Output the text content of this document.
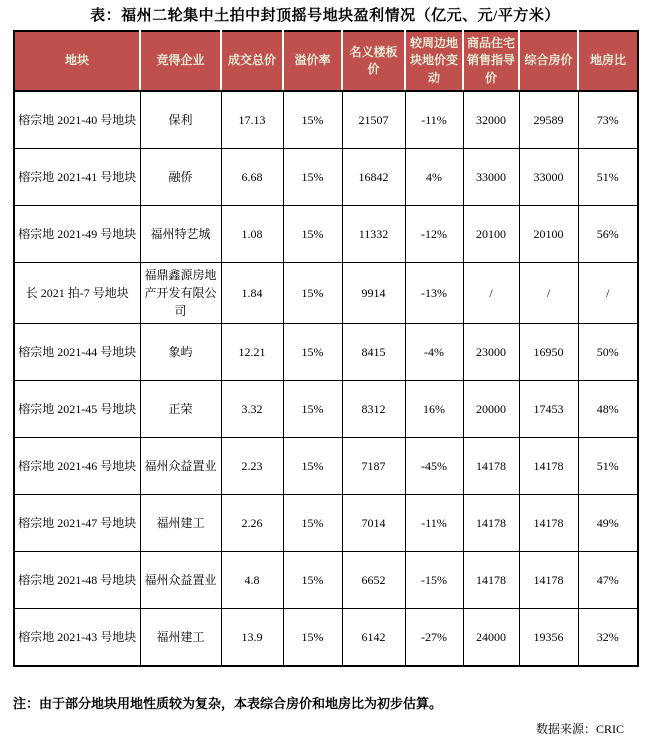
表：福州二轮集中土拍中封顶摇号地块盈利情况（亿元、元/平方米）
地块	竞得企业	成交总价	溢价率	名义楼板价	较周边地块地价变动	商品住宅销售指导价	综合房价	地房比
榕宗地 2021-40 号地块	保利	17.13	15%	21507	-11%	32000	29589	73%
榕宗地 2021-41 号地块	融侨	6.68	15%	16842	4%	33000	33000	51%
榕宗地 2021-49 号地块	福州特艺城	1.08	15%	11332	-12%	20100	20100	56%
长 2021 拍-7 号地块	福鼎鑫源房地产开发有限公司	1.84	15%	9914	-13%	/	/	/
榕宗地 2021-44 号地块	象屿	12.21	15%	8415	-4%	23000	16950	50%
榕宗地 2021-45 号地块	正荣	3.32	15%	8312	16%	20000	17453	48%
榕宗地 2021-46 号地块	福州众益置业	2.23	15%	7187	-45%	14178	14178	51%
榕宗地 2021-47 号地块	福州建工	2.26	15%	7014	-11%	14178	14178	49%
榕宗地 2021-48 号地块	福州众益置业	4.8	15%	6652	-15%	14178	14178	47%
榕宗地 2021-43 号地块	福州建工	13.9	15%	6142	-27%	24000	19356	32%
注：由于部分地块用地性质较为复杂，本表综合房价和地房比为初步估算。
数据来源：CRIC
